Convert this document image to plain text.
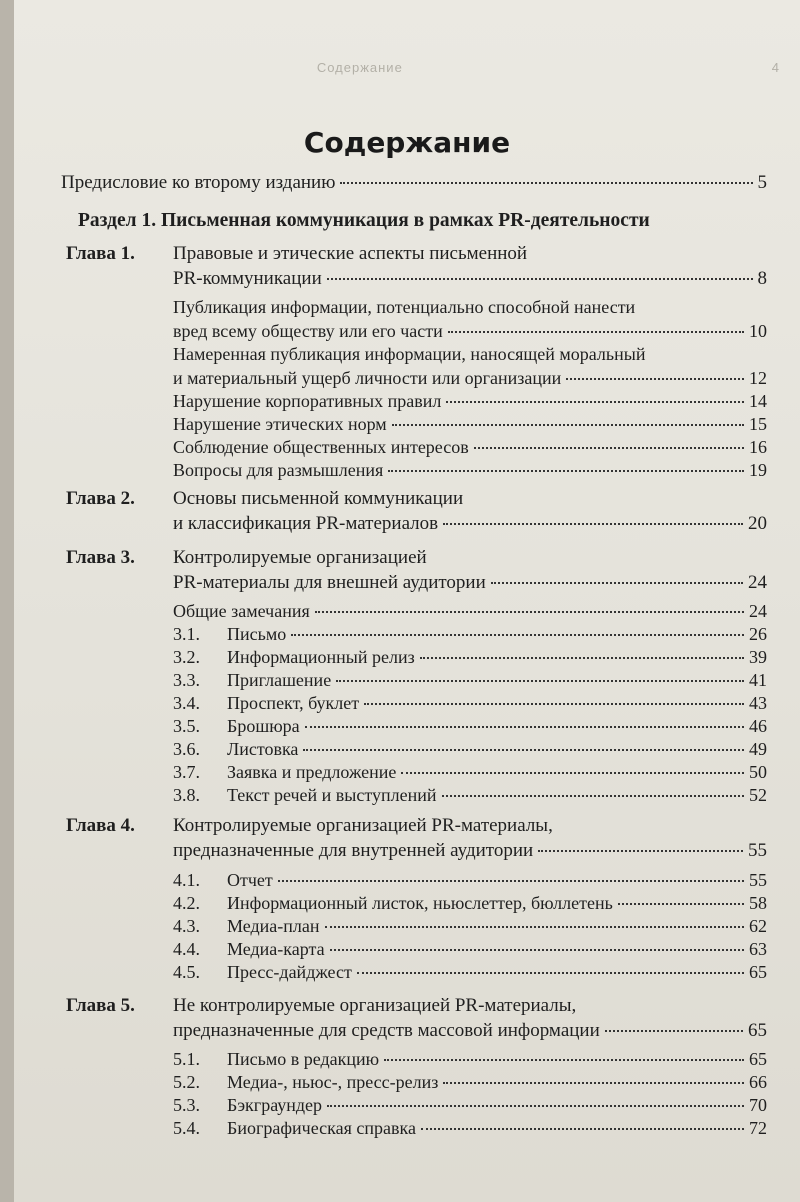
Содержание	4
Содержание
Предисловие ко второму изданию	5
Раздел 1. Письменная коммуникация в рамках PR-деятельности
Глава 1. Правовые и этические аспекты письменной
PR-коммуникации	8
Публикация информации, потенциально способной нанести
вред всему обществу или его части	10
Намеренная публикация информации, наносящей моральный
и материальный ущерб личности или организации	12
Нарушение корпоративных правил	14
Нарушение этических норм	15
Соблюдение общественных интересов	16
Вопросы для размышления	19
Глава 2. Основы письменной коммуникации
и классификация PR-материалов	20
Глава 3. Контролируемые организацией
PR-материалы для внешней аудитории	24
Общие замечания	24
3.1. Письмо	26
3.2. Информационный релиз	39
3.3. Приглашение	41
3.4. Проспект, буклет	43
3.5. Брошюра	46
3.6. Листовка	49
3.7. Заявка и предложение	50
3.8. Текст речей и выступлений	52
Глава 4. Контролируемые организацией PR-материалы,
предназначенные для внутренней аудитории	55
4.1. Отчет	55
4.2. Информационный листок, ньюслеттер, бюллетень	58
4.3. Медиа-план	62
4.4. Медиа-карта	63
4.5. Пресс-дайджест	65
Глава 5. Не контролируемые организацией PR-материалы,
предназначенные для средств массовой информации	65
5.1. Письмо в редакцию	65
5.2. Медиа-, ньюс-, пресс-релиз	66
5.3. Бэкграундер	70
5.4. Биографическая справка	72
